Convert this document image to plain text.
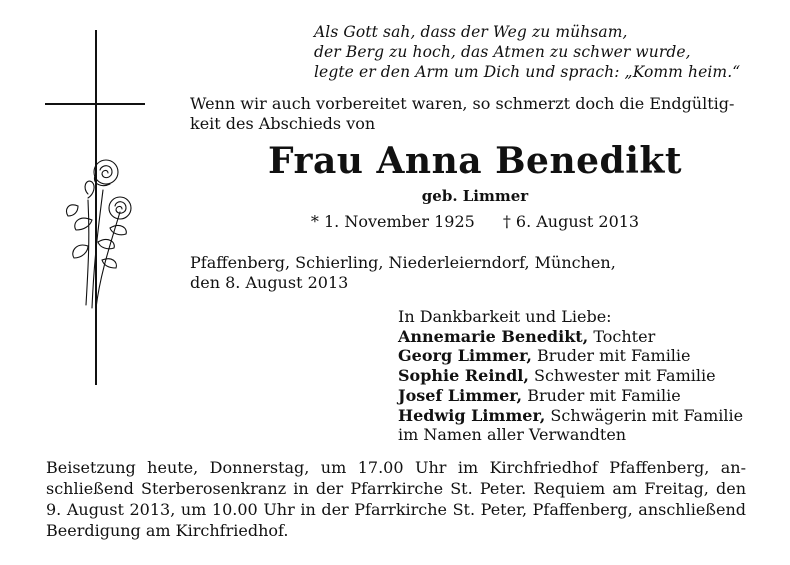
Als Gott sah, dass der Weg zu mühsam,
der Berg zu hoch, das Atmen zu schwer wurde,
legte er den Arm um Dich und sprach: „Komm heim.“
Wenn wir auch vorbereitet waren, so schmerzt doch die Endgültig-
keit des Abschieds von
Frau Anna Benedikt
geb. Limmer
* 1. November 1925 † 6. August 2013
Pfaffenberg, Schierling, Niederleierndorf, München,
den 8. August 2013
In Dankbarkeit und Liebe:
Annemarie Benedikt, Tochter
Georg Limmer, Bruder mit Familie
Sophie Reindl, Schwester mit Familie
Josef Limmer, Bruder mit Familie
Hedwig Limmer, Schwägerin mit Familie
im Namen aller Verwandten
Beisetzung heute, Donnerstag, um 17.00 Uhr im Kirchfriedhof Pfaffenberg, an-
schließend Sterberosenkranz in der Pfarrkirche St. Peter. Requiem am Freitag, den
9. August 2013, um 10.00 Uhr in der Pfarrkirche St. Peter, Pfaffenberg, anschließend
Beerdigung am Kirchfriedhof.
